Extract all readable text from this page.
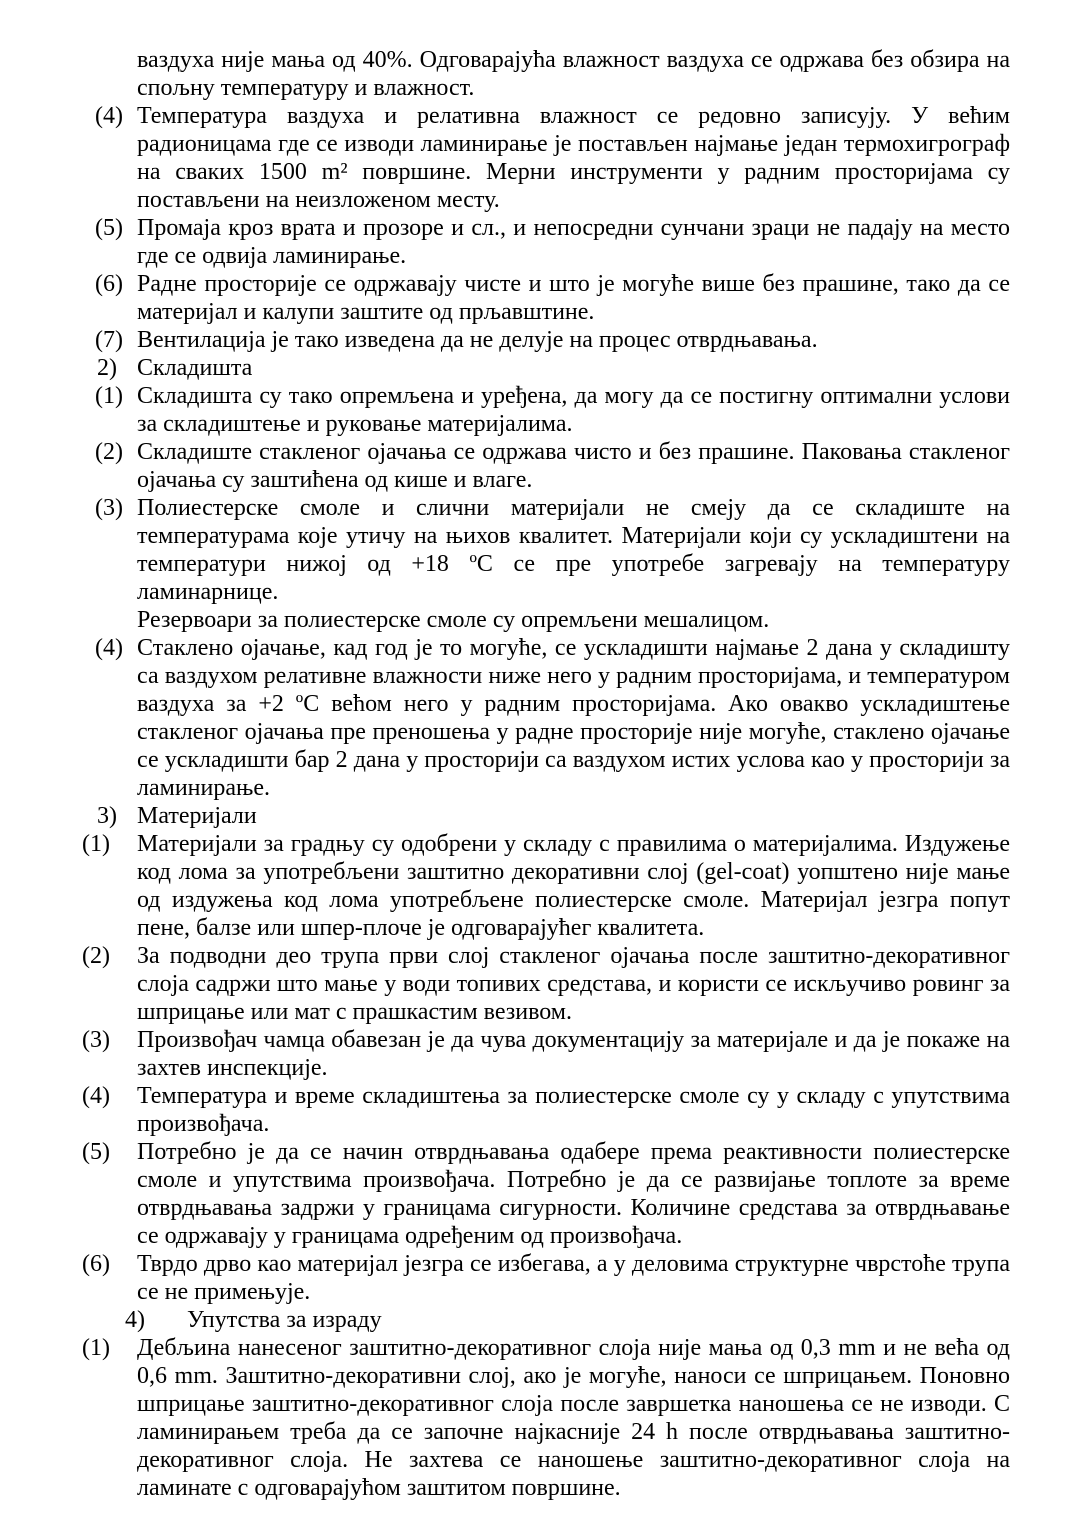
ваздуха није мања од 40%. Одговарајућа влажност ваздуха се одржава без обзира на спољну температуру и влажност.

(4) Температура ваздуха и релативна влажност се редовно записују. У већим радионицама где се изводи ламинирање је постављен најмање један термохигрограф на сваких 1500 m² површине. Мерни инструменти у радним просторијама су постављени на неизложеном месту.

(5) Промаја кроз врата и прозоре и сл., и непосредни сунчани зраци не падају на место где се одвија ламинирање.

(6) Радне просторије се одржавају чисте и што је могуће више без прашине, тако да се материјал и калупи заштите од прљавштине.

(7) Вентилација је тако изведена да не делује на процес отврдњавања.

2) Складишта

(1) Складишта су тако опремљена и уређена, да могу да се постигну оптимални услови за складиштење и руковање материјалима.

(2) Складиште стакленог ојачања се одржава чисто и без прашине. Паковања стакленог ојачања су заштићена од кише и влаге.

(3) Полиестерске смоле и слични материјали не смеју да се складиште на температурама које утичу на њихов квалитет. Материјали који су ускладиштени на температури нижој од +18 ºC се пре употребе загревају на температуру ламинарнице.

Резервоари за полиестерске смоле су опремљени мешалицом.

(4) Стаклено ојачање, кад год је то могуће, се ускладишти најмање 2 дана у складишту са ваздухом релативне влажности ниже него у радним просторијама, и температуром ваздуха за +2 ºC већом него у радним просторијама. Ако овакво ускладиштење стакленог ојачања пре преношења у радне просторије није могуће, стаклено ојачање се ускладишти бар 2 дана у просторији са ваздухом истих услова као у просторији за ламинирање.

3) Материјали

(1) Материјали за градњу су одобрени у складу с правилима о материјалима. Издужење код лома за употребљени заштитно декоративни слој (gel-coat) уопштено није мање од издужења код лома употребљене полиестерске смоле. Материјал језгра попут пене, балзе или шпер-плоче је одговарајућег квалитета.

(2) За подводни део трупа први слој стакленог ојачања после заштитно-декоративног слоја садржи што мање у води топивих средстава, и користи се искључиво ровинг за шприцање или мат с прашкастим везивом.

(3) Произвођач чамца обавезан је да чува документацију за материјале и да је покаже на захтев инспекције.

(4) Температура и време складиштења за полиестерске смоле су у складу с упутствима произвођача.

(5) Потребно је да се начин отврдњавања одабере према реактивности полиестерске смоле и упутствима произвођача. Потребно је да се развијање топлоте за време отврдњавања задржи у границама сигурности. Количине средстава за отврдњавање се одржавају у границама одређеним од произвођача.

(6) Тврдо дрво као материјал језгра се избегава, а у деловима структурне чврстоће трупа се не примењује.

4) Упутства за израду

(1) Дебљина нанесеног заштитно-декоративног слоја није мања од 0,3 mm и не већа од 0,6 mm. Заштитно-декоративни слој, ако је могуће, наноси се шприцањем. Поновно шприцање заштитно-декоративног слоја после завршетка наношења се не изводи. С ламинирањем треба да се започне најкасније 24 h после отврдњавања заштитно-декоративног слоја. Не захтева се наношење заштитно-декоративног слоја на ламинате с одговарајућом заштитом површине.
